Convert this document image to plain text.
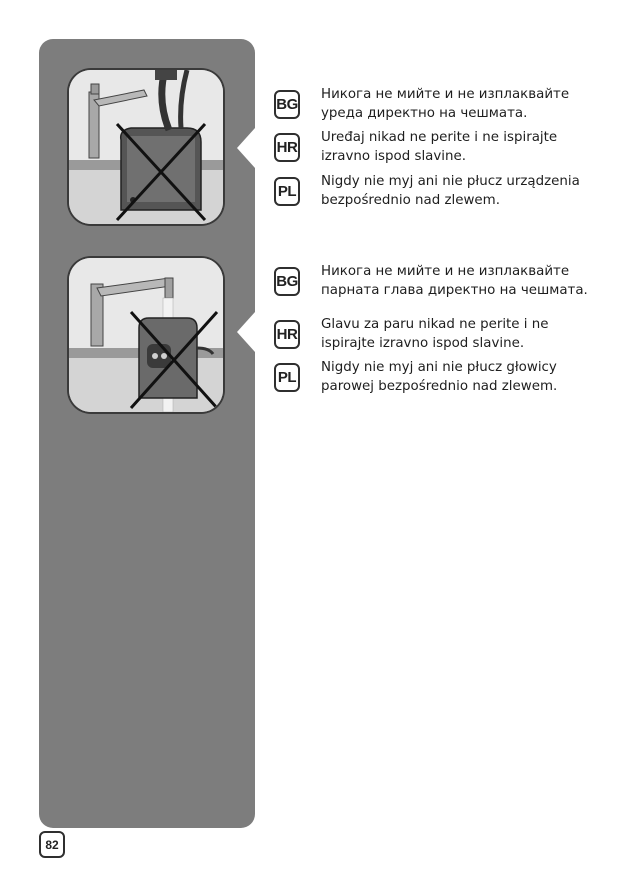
BG
Никога не мийте и не изплаквайте уреда директно на чешмата.
HR
Uređaj nikad ne perite i ne ispirajte izravno ispod slavine.
PL
Nigdy nie myj ani nie płucz urządzenia bezpośrednio nad zlewem.
BG
Никога не мийте и не изплаквайте парната глава директно на чешмата.
HR
Glavu za paru nikad ne perite i ne ispirajte izravno ispod slavine.
PL
Nigdy nie myj ani nie płucz głowicy parowej bezpośrednio nad zlewem.
82
